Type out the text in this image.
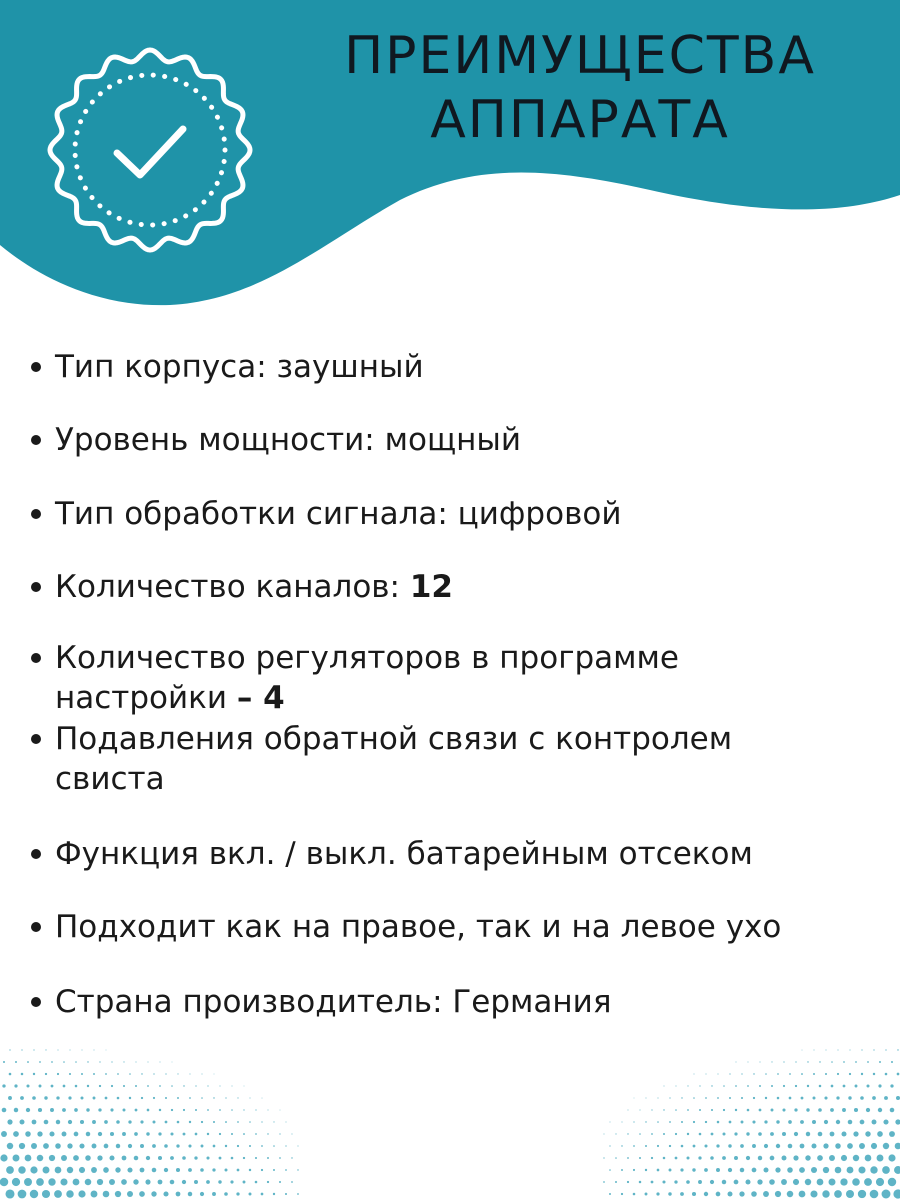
ПРЕИМУЩЕСТВА
АППАРАТА
Тип корпуса: заушный
Уровень мощности: мощный
Тип обработки сигнала: цифровой
Количество каналов: 12
Количество регуляторов в программе
настройки – 4
Подавления обратной связи с контролем
свиста
Функция вкл. / выкл. батарейным отсеком
Подходит как на правое, так и на левое ухо
Страна производитель: Германия
